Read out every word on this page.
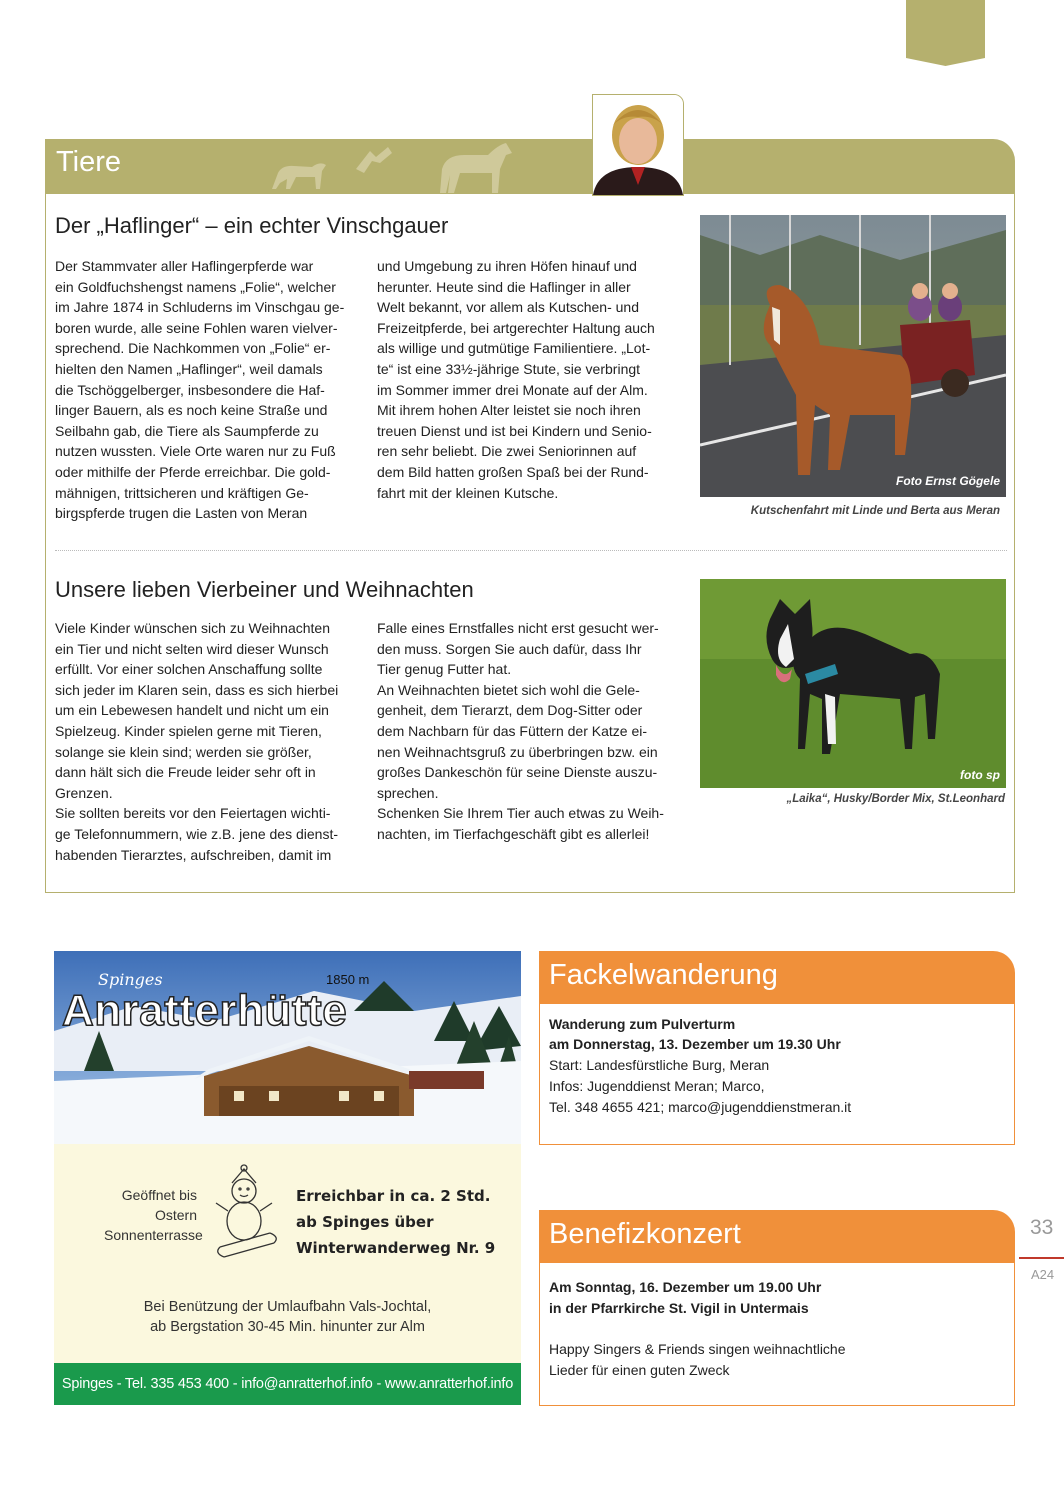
Tiere
Der „Haflinger“ – ein echter Vinschgauer
Der Stammvater aller Haflingerpferde war
ein Goldfuchshengst namens „Folie“, welcher
im Jahre 1874 in Schluderns im Vinschgau ge-
boren wurde, alle seine Fohlen waren vielver-
sprechend. Die Nachkommen von „Folie“ er-
hielten den Namen „Haflinger“, weil damals
die Tschöggelberger, insbesondere die Haf-
linger Bauern, als es noch keine Straße und
Seilbahn gab, die Tiere als Saumpferde zu
nutzen wussten. Viele Orte waren nur zu Fuß
oder mithilfe der Pferde erreichbar. Die gold-
mähnigen, trittsicheren und kräftigen Ge-
birgspferde trugen die Lasten von Meran
und Umgebung zu ihren Höfen hinauf und
herunter. Heute sind die Haflinger in aller
Welt bekannt, vor allem als Kutschen- und
Freizeitpferde, bei artgerechter Haltung auch
als willige und gutmütige Familientiere. „Lot-
te“ ist eine 33½-jährige Stute, sie verbringt
im Sommer immer drei Monate auf der Alm.
Mit ihrem hohen Alter leistet sie noch ihren
treuen Dienst und ist bei Kindern und Senio-
ren sehr beliebt. Die zwei Seniorinnen auf
dem Bild hatten großen Spaß bei der Rund-
fahrt mit der kleinen Kutsche.
Foto Ernst Gögele
Kutschenfahrt mit Linde und Berta aus Meran
Unsere lieben Vierbeiner und Weihnachten
Viele Kinder wünschen sich zu Weihnachten
ein Tier und nicht selten wird dieser Wunsch
erfüllt. Vor einer solchen Anschaffung sollte
sich jeder im Klaren sein, dass es sich hierbei
um ein Lebewesen handelt und nicht um ein
Spielzeug. Kinder spielen gerne mit Tieren,
solange sie klein sind; werden sie größer,
dann hält sich die Freude leider sehr oft in
Grenzen.
Sie sollten bereits vor den Feiertagen wichti-
ge Telefonnummern, wie z.B. jene des dienst-
habenden Tierarztes, aufschreiben, damit im
Falle eines Ernstfalles nicht erst gesucht wer-
den muss. Sorgen Sie auch dafür, dass Ihr
Tier genug Futter hat.
An Weihnachten bietet sich wohl die Gele-
genheit, dem Tierarzt, dem Dog-Sitter oder
dem Nachbarn für das Füttern der Katze ei-
nen Weihnachtsgruß zu überbringen bzw. ein
großes Dankeschön für seine Dienste auszu-
sprechen.
Schenken Sie Ihrem Tier auch etwas zu Weih-
nachten, im Tierfachgeschäft gibt es allerlei!
foto sp
„Laika“, Husky/Border Mix, St.Leonhard
Spinges
Anratterhütte
1850 m
Geöffnet bis
Ostern
Sonnenterrasse
Erreichbar in ca. 2 Std.
ab Spinges über
Winterwanderweg Nr. 9
Bei Benützung der Umlaufbahn Vals-Jochtal,
ab Bergstation 30-45 Min. hinunter zur Alm
Spinges - Tel. 335 453 400 - info@anratterhof.info - www.anratterhof.info
Fackelwanderung
Wanderung zum Pulverturm
am Donnerstag, 13. Dezember um 19.30 Uhr
Start: Landesfürstliche Burg, Meran
Infos: Jugenddienst Meran; Marco,
Tel. 348 4655 421; marco@jugenddienstmeran.it
Benefizkonzert
Am Sonntag, 16. Dezember um 19.00 Uhr
in der Pfarrkirche St. Vigil in Untermais
Happy Singers & Friends singen weihnachtliche
Lieder für einen guten Zweck
33
A24
